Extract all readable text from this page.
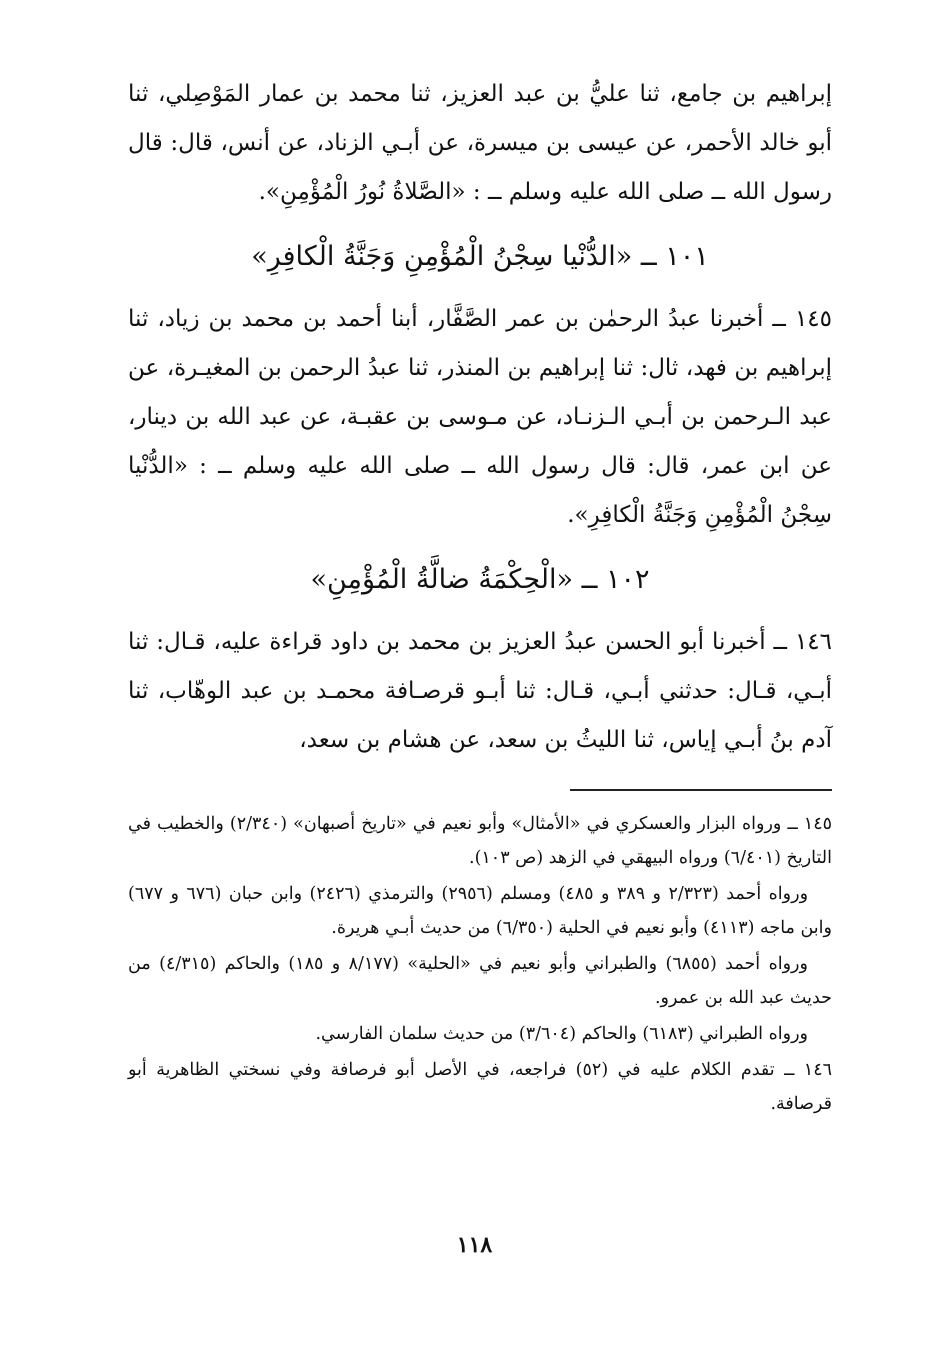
إبراهيم بن جامع، ثنا عليُّ بن عبد العزيز، ثنا محمد بن عمار المَوْصِلي، ثنا أبو خالد الأحمر، عن عيسى بن ميسرة، عن أبـي الزناد، عن أنس، قال: قال رسول الله ــ صلى الله عليه وسلم ــ : «الصَّلاةُ نُورُ الْمُؤْمِنِ».

١٠١ ــ «الدُّنْيا سِجْنُ الْمُؤْمِنِ وَجَنَّةُ الْكافِرِ»

١٤٥ ــ أخبرنا عبدُ الرحمٰن بن عمر الصَّفَّار، أبنا أحمد بن محمد بن زياد، ثنا إبراهيم بن فهد، ثال: ثنا إبراهيم بن المنذر، ثنا عبدُ الرحمن بن المغيـرة، عن عبد الـرحمن بن أبـي الـزنـاد، عن مـوسى بن عقبـة، عن عبد الله بن دينار، عن ابن عمر، قال: قال رسول الله ــ صلى الله عليه وسلم ــ : «الدُّنْيا سِجْنُ الْمُؤْمِنِ وَجَنَّةُ الْكافِرِ».

١٠٢ ــ «الْحِكْمَةُ ضالَّةُ الْمُؤْمِنِ»

١٤٦ ــ أخبرنا أبو الحسن عبدُ العزيز بن محمد بن داود قراءة عليه، قـال: ثنا أبـي، قـال: حدثني أبـي، قـال: ثنا أبـو قرصـافة محمـد بن عبد الوهّاب، ثنا آدم بنُ أبـي إياس، ثنا الليثُ بن سعد، عن هشام بن سعد،

١٤٥ ــ ورواه البزار والعسكري في «الأمثال» وأبو نعيم في «تاريخ أصبهان» (٢/٣٤٠) والخطيب في التاريخ (٦/٤٠١) ورواه البيهقي في الزهد (ص ١٠٣).

ورواه أحمد (٢/٣٢٣ و ٣٨٩ و ٤٨٥) ومسلم (٢٩٥٦) والترمذي (٢٤٢٦) وابن حبان (٦٧٦ و ٦٧٧) وابن ماجه (٤١١٣) وأبو نعيم في الحلية (٦/٣٥٠) من حديث أبـي هريرة.

ورواه أحمد (٦٨٥٥) والطبراني وأبو نعيم في «الحلية» (٨/١٧٧ و ١٨٥) والحاكم (٤/٣١٥) من حديث عبد الله بن عمرو.

ورواه الطبراني (٦١٨٣) والحاكم (٣/٦٠٤) من حديث سلمان الفارسي.

١٤٦ ــ تقدم الكلام عليه في (٥٢) فراجعه، في الأصل أبو فرصافة وفي نسختي الظاهرية أبو قرصافة.

١١٨
